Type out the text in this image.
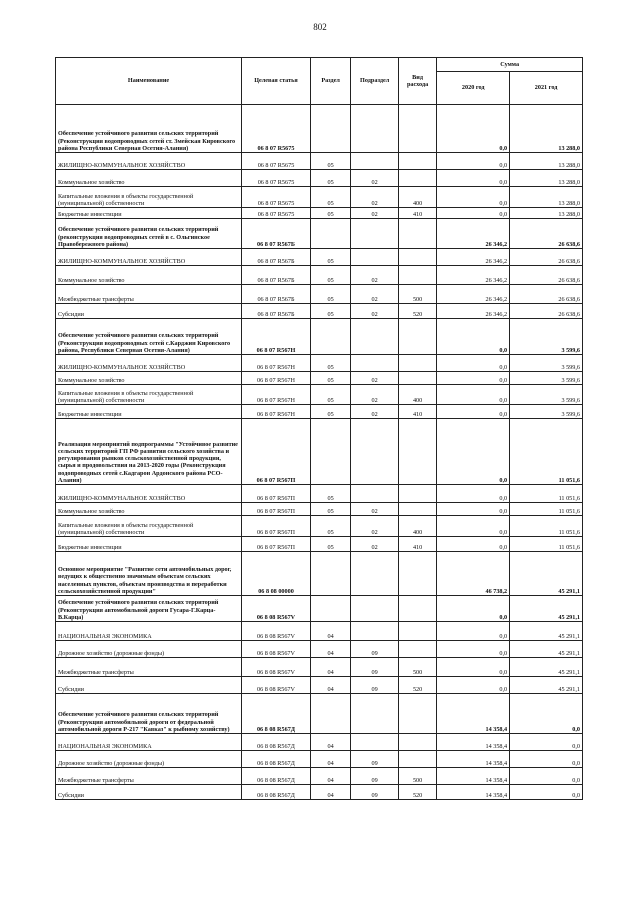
802
Наименование	Целевая статья	Раздел	Подраздел	Вид расхода	Сумма	
					2020 год	2021 год
Обеспечение устойчивого развития сельских территорий (Реконструкция водопроводных сетей ст. Змейская Кировского района Республики Северная Осетия-Алания)	06 8 07 R5675				0,0	13 288,0
ЖИЛИЩНО-КОММУНАЛЬНОЕ ХОЗЯЙСТВО	06 8 07 R5675	05			0,0	13 288,0
Коммунальное хозяйство	06 8 07 R5675	05	02		0,0	13 288,0
Капитальные вложения в объекты государственной (муниципальной) собственности	06 8 07 R5675	05	02	400	0,0	13 288,0
Бюджетные инвестиции	06 8 07 R5675	05	02	410	0,0	13 288,0
Обеспечение устойчивого развития сельских территорий (реконструкция водопроводных сетей в с. Ольгинское Правобережного района)	06 8 07 R567Б				26 346,2	26 638,6
ЖИЛИЩНО-КОММУНАЛЬНОЕ ХОЗЯЙСТВО	06 8 07 R567Б	05			26 346,2	26 638,6
Коммунальное хозяйство	06 8 07 R567Б	05	02		26 346,2	26 638,6
Межбюджетные трансферты	06 8 07 R567Б	05	02	500	26 346,2	26 638,6
Субсидии	06 8 07 R567Б	05	02	520	26 346,2	26 638,6
Обеспечение устойчивого развития сельских территорий (Реконструкция водопроводных сетей с.Карджин Кировского района, Республики Северная Осетия-Алания)	06 8 07 R567Н				0,0	3 599,6
ЖИЛИЩНО-КОММУНАЛЬНОЕ ХОЗЯЙСТВО	06 8 07 R567Н	05			0,0	3 599,6
Коммунальное хозяйство	06 8 07 R567Н	05	02		0,0	3 599,6
Капитальные вложения в объекты государственной (муниципальной) собственности	06 8 07 R567Н	05	02	400	0,0	3 599,6
Бюджетные инвестиции	06 8 07 R567Н	05	02	410	0,0	3 599,6
Реализация мероприятий подпрограммы "Устойчивое развитие сельских территорий ГП РФ развития сельского хозяйства и регулирования рынков сельскохозяйственной продукции, сырья и продовольствия на 2013-2020 годы (Реконструкция водопроводных сетей с.Кадгарон Ардонского района РСО-Алания)	06 8 07 R567П				0,0	11 051,6
ЖИЛИЩНО-КОММУНАЛЬНОЕ ХОЗЯЙСТВО	06 8 07 R567П	05			0,0	11 051,6
Коммунальное хозяйство	06 8 07 R567П	05	02		0,0	11 051,6
Капитальные вложения в объекты государственной (муниципальной) собственности	06 8 07 R567П	05	02	400	0,0	11 051,6
Бюджетные инвестиции	06 8 07 R567П	05	02	410	0,0	11 051,6
Основное мероприятие "Развитие сети автомобильных дорог, ведущих к общественно значимым объектам сельских населенных пунктов, объектам производства и переработки сельскохозяйственной продукции"	06 8 08 00000				46 738,2	45 291,1
Обеспечение устойчивого развития сельских территорий (Реконструкция автомобильной дороги Гусара-Г.Карца-В.Карца)	06 8 08 R567V				0,0	45 291,1
НАЦИОНАЛЬНАЯ ЭКОНОМИКА	06 8 08 R567V	04			0,0	45 291,1
Дорожное хозяйство (дорожные фонды)	06 8 08 R567V	04	09		0,0	45 291,1
Межбюджетные трансферты	06 8 08 R567V	04	09	500	0,0	45 291,1
Субсидии	06 8 08 R567V	04	09	520	0,0	45 291,1
Обеспечение устойчивого развития сельских территорий (Реконструкция автомобильной дороги от федеральной автомобильной дороги Р-217 "Кавказ" к рыбному хозяйству)	06 8 08 R567Д				14 358,4	0,0
НАЦИОНАЛЬНАЯ ЭКОНОМИКА	06 8 08 R567Д	04			14 358,4	0,0
Дорожное хозяйство (дорожные фонды)	06 8 08 R567Д	04	09		14 358,4	0,0
Межбюджетные трансферты	06 8 08 R567Д	04	09	500	14 358,4	0,0
Субсидии	06 8 08 R567Д	04	09	520	14 358,4	0,0
